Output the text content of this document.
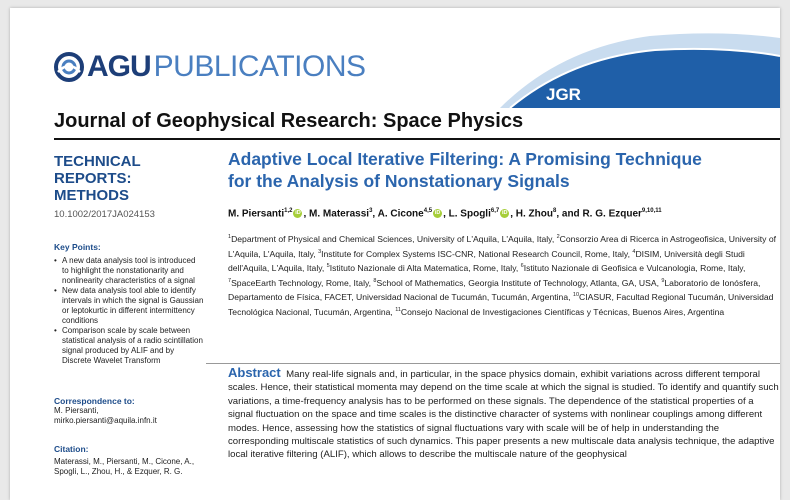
AGU PUBLICATIONS
JGR
Journal of Geophysical Research: Space Physics

TECHNICAL

REPORTS:

METHODS

10.1002/2017JA024153
Key Points:
• A new data analysis tool is introduced to highlight the nonstationarity and nonlinearity characteristics of a signal
• New data analysis tool able to identify intervals in which the signal is Gaussian or leptokurtic in different intermittency conditions
• Comparison scale by scale between statistical analysis of a radio scintillation signal produced by ALIF and by Discrete Wavelet Transform
Correspondence to:
M. Piersanti,
mirko.piersanti@aquila.infn.it
Citation:
Materassi, M., Piersanti, M., Cicone, A.,
Spogli, L., Zhou, H., & Ezquer, R. G.
Adaptive Local Iterative Filtering: A Promising Technique
for the Analysis of Nonstationary Signals
M. Piersanti$^{1,2}$ iD , M. Materassi$^3$, A. Cicone$^{4,5}$ iD , L. Spogli$^{6,7}$ iD , H. Zhou$^8$, and R. G. Ezquer$^{9,10,11}$
$^1$Department of Physical and Chemical Sciences, University of L'Aquila, L'Aquila, Italy, $^2$Consorzio Area di Ricerca in Astrogeofisica, University of L'Aquila, L'Aquila, Italy, $^3$Institute for Complex Systems ISC-CNR, National Research Council, Rome, Italy, $^4$DISIM, Università degli Studi dell'Aquila, L'Aquila, Italy, $^5$Istituto Nazionale di Alta Matematica, Rome, Italy, $^6$Istituto Nazionale di Geofisica e Vulcanologia, Rome, Italy, $^7$SpaceEarth Technology, Rome, Italy, $^8$School of Mathematics, Georgia Institute of Technology, Atlanta, GA, USA, $^9$Laboratorio de Ionósfera, Departamento de Física, FACET, Universidad Nacional de Tucumán, Tucumán, Argentina, $^{10}$CIASUR, Facultad Regional Tucumán, Universidad Tecnológica Nacional, Tucumán, Argentina, $^{11}$Consejo Nacional de Investigaciones Científicas y Técnicas, Buenos Aires, Argentina

Abstract Many real-life signals and, in particular, in the space physics domain, exhibit variations across different temporal scales. Hence, their statistical momenta may depend on the time scale at which the signal is studied. To identify and quantify such variations, a time-frequency analysis has to be performed on these signals. The dependence of the statistical properties of a signal fluctuation on the space and time scales is the distinctive character of systems with nonlinear couplings among different modes. Hence, assessing how the statistics of signal fluctuations vary with scale will be of help in understanding the corresponding multiscale statistics of such dynamics. This paper presents a new multiscale data analysis technique, the adaptive local iterative filtering (ALIF), which allows to describe the multiscale nature of the geophysical
